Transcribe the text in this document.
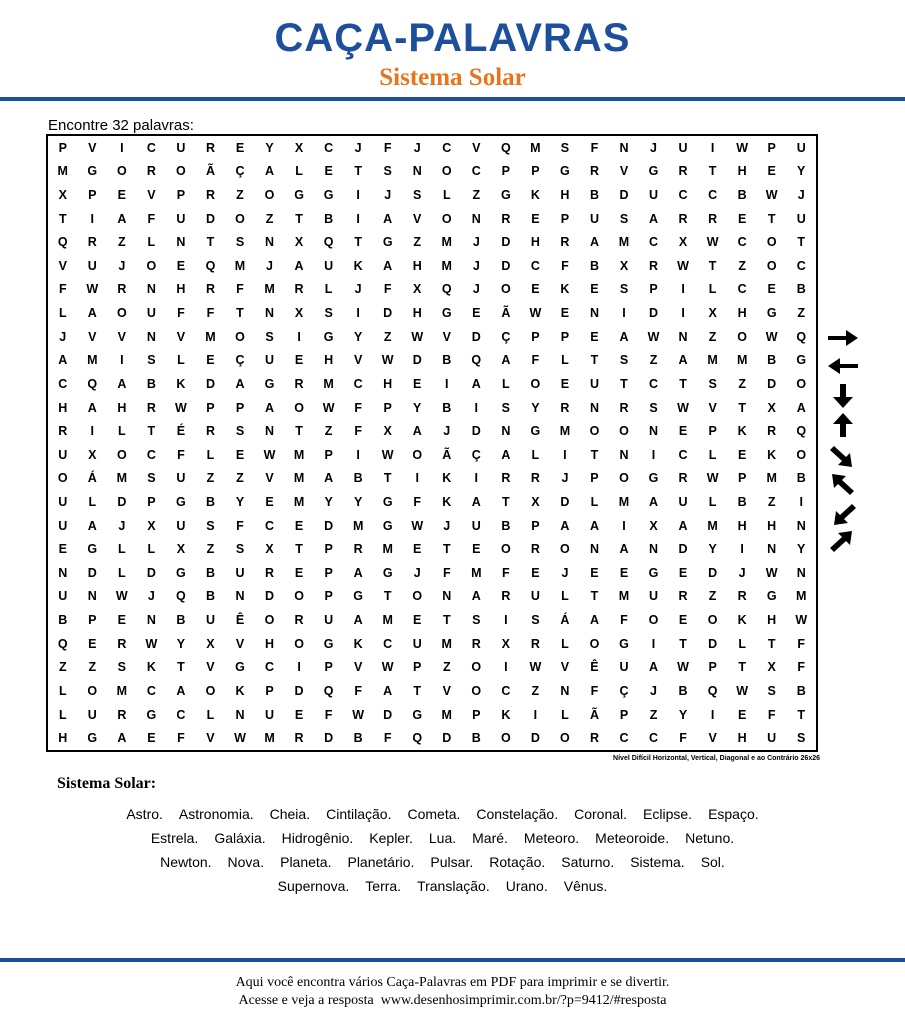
CAÇA-PALAVRAS
Sistema Solar
Encontre 32 palavras:
P	V	I	C	U	R	E	Y	X	C	J	F	J	C	V	Q	M	S	F	N	J	U	I	W	P	U
M	G	O	R	O	Ã	Ç	A	L	E	T	S	N	O	C	P	P	G	R	V	G	R	T	H	E	Y
X	P	E	V	P	R	Z	O	G	G	I	J	S	L	Z	G	K	H	B	D	U	C	C	B	W	J
T	I	A	F	U	D	O	Z	T	B	I	A	V	O	N	R	E	P	U	S	A	R	R	E	T	U
Q	R	Z	L	N	T	S	N	X	Q	T	G	Z	M	J	D	H	R	A	M	C	X	W	C	O	T
V	U	J	O	E	Q	M	J	A	U	K	A	H	M	J	D	C	F	B	X	R	W	T	Z	O	C
F	W	R	N	H	R	F	M	R	L	J	F	X	Q	J	O	E	K	E	S	P	I	L	C	E	B
L	A	O	U	F	F	T	N	X	S	I	D	H	G	E	Ã	W	E	N	I	D	I	X	H	G	Z
J	V	V	N	V	M	O	S	I	G	Y	Z	W	V	D	Ç	P	P	E	A	W	N	Z	O	W	Q
A	M	I	S	L	E	Ç	U	E	H	V	W	D	B	Q	A	F	L	T	S	Z	A	M	M	B	G
C	Q	A	B	K	D	A	G	R	M	C	H	E	I	A	L	O	E	U	T	C	T	S	Z	D	O
H	A	H	R	W	P	P	A	O	W	F	P	Y	B	I	S	Y	R	N	R	S	W	V	T	X	A
R	I	L	T	É	R	S	N	T	Z	F	X	A	J	D	N	G	M	O	O	N	E	P	K	R	Q
U	X	O	C	F	L	E	W	M	P	I	W	O	Ã	Ç	A	L	I	T	N	I	C	L	E	K	O
O	Á	M	S	U	Z	Z	V	M	A	B	T	I	K	I	R	R	J	P	O	G	R	W	P	M	B
U	L	D	P	G	B	Y	E	M	Y	Y	G	F	K	A	T	X	D	L	M	A	U	L	B	Z	I
U	A	J	X	U	S	F	C	E	D	M	G	W	J	U	B	P	A	A	I	X	A	M	H	H	N
E	G	L	L	X	Z	S	X	T	P	R	M	E	T	E	O	R	O	N	A	N	D	Y	I	N	Y
N	D	L	D	G	B	U	R	E	P	A	G	J	F	M	F	E	J	E	E	G	E	D	J	W	N
U	N	W	J	Q	B	N	D	O	P	G	T	O	N	A	R	U	L	T	M	U	R	Z	R	G	M
B	P	E	N	B	U	Ê	O	R	U	A	M	E	T	S	I	S	Á	A	F	O	E	O	K	H	W
Q	E	R	W	Y	X	V	H	O	G	K	C	U	M	R	X	R	L	O	G	I	T	D	L	T	F
Z	Z	S	K	T	V	G	C	I	P	V	W	P	Z	O	I	W	V	Ê	U	A	W	P	T	X	F
L	O	M	C	A	O	K	P	D	Q	F	A	T	V	O	C	Z	N	F	Ç	J	B	Q	W	S	B
L	U	R	G	C	L	N	U	E	F	W	D	G	M	P	K	I	L	Ã	P	Z	Y	I	E	F	T
H	G	A	E	F	V	W	M	R	D	B	F	Q	D	B	O	D	O	R	C	C	F	V	H	U	S
Nível Difícil Horizontal, Vertical, Diagonal e ao Contrário 26x26
Sistema Solar:
Astro. Astronomia. Cheia. Cintilação. Cometa. Constelação. Coronal. Eclipse. Espaço.
Estrela. Galáxia. Hidrogênio. Kepler. Lua. Maré. Meteoro. Meteoroide. Netuno.
Newton. Nova. Planeta. Planetário. Pulsar. Rotação. Saturno. Sistema. Sol.
Supernova. Terra. Translação. Urano. Vênus.
Aqui você encontra vários Caça-Palavras em PDF para imprimir e se divertir.
Acesse e veja a resposta  www.desenhosimprimir.com.br/?p=9412/#resposta
